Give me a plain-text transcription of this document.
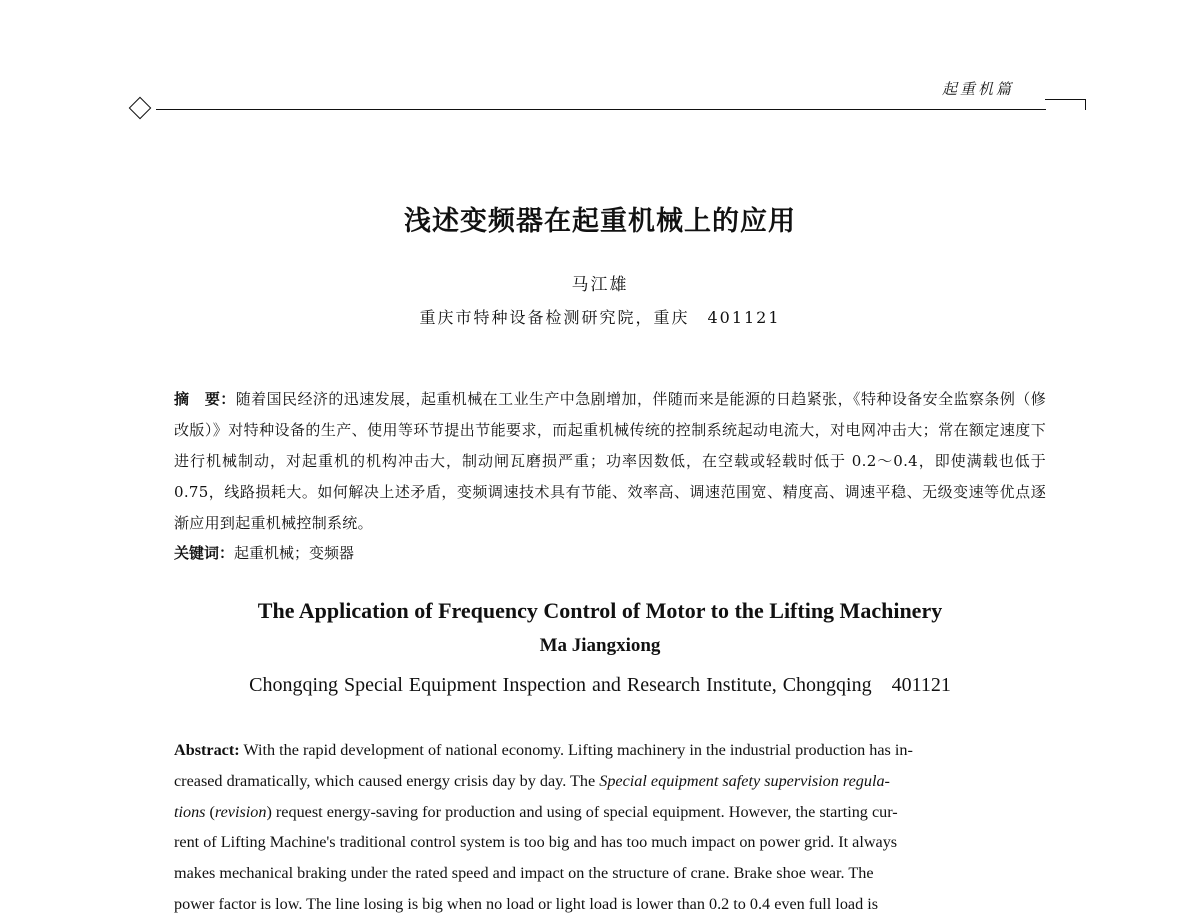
起重机篇
浅述变频器在起重机械上的应用
马江雄
重庆市特种设备检测研究院，重庆　401121
摘　要：随着国民经济的迅速发展，起重机械在工业生产中急剧增加，伴随而来是能源的日趋紧张，《特种设备安全监察条例（修改版）》对特种设备的生产、使用等环节提出节能要求，而起重机械传统的控制系统起动电流大，对电网冲击大；常在额定速度下进行机械制动，对起重机的机构冲击大，制动闸瓦磨损严重；功率因数低，在空载或轻载时低于 0.2～0.4，即使满载也低于 0.75，线路损耗大。如何解决上述矛盾，变频调速技术具有节能、效率高、调速范围宽、精度高、调速平稳、无级变速等优点逐渐应用到起重机械控制系统。
关键词：起重机械；变频器
The Application of Frequency Control of Motor to the Lifting Machinery
Ma Jiangxiong
Chongqing Special Equipment Inspection and Research Institute, Chongqing　401121
Abstract: With the rapid development of national economy. Lifting machinery in the industrial production has in-
creased dramatically, which caused energy crisis day by day. The Special equipment safety supervision regula-
tions (revision) request energy-saving for production and using of special equipment. However, the starting cur-
rent of Lifting Machine's traditional control system is too big and has too much impact on power grid. It always
makes mechanical braking under the rated speed and impact on the structure of crane. Brake shoe wear. The
power factor is low. The line losing is big when no load or light load is lower than 0.2 to 0.4 even full load is
